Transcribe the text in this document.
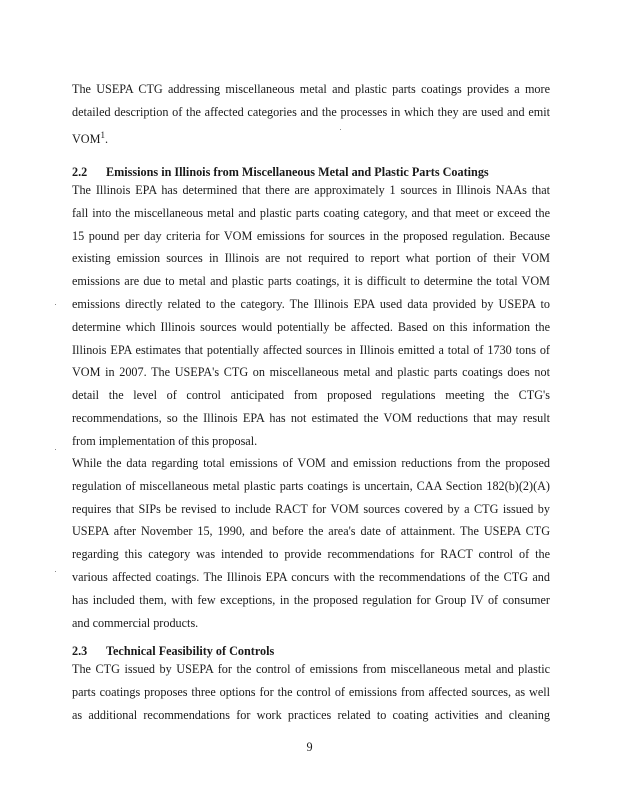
The USEPA CTG addressing miscellaneous metal and plastic parts coatings provides a more
detailed description of the affected categories and the processes in which they are used and emit
VOM$^1$.
2.2 Emissions in Illinois from Miscellaneous Metal and Plastic Parts Coatings
The Illinois EPA has determined that there are approximately 1 sources in Illinois NAAs that
fall into the miscellaneous metal and plastic parts coating category, and that meet or exceed the
15 pound per day criteria for VOM emissions for sources in the proposed regulation. Because
existing emission sources in Illinois are not required to report what portion of their VOM
emissions are due to metal and plastic parts coatings, it is difficult to determine the total VOM
emissions directly related to the category. The Illinois EPA used data provided by USEPA to
determine which Illinois sources would potentially be affected. Based on this information the
Illinois EPA estimates that potentially affected sources in Illinois emitted a total of 1730 tons of
VOM in 2007. The USEPA's CTG on miscellaneous metal and plastic parts coatings does not
detail the level of control anticipated from proposed regulations meeting the CTG's
recommendations, so the Illinois EPA has not estimated the VOM reductions that may result
from implementation of this proposal.
While the data regarding total emissions of VOM and emission reductions from the proposed
regulation of miscellaneous metal plastic parts coatings is uncertain, CAA Section 182(b)(2)(A)
requires that SIPs be revised to include RACT for VOM sources covered by a CTG issued by
USEPA after November 15, 1990, and before the area's date of attainment. The USEPA CTG
regarding this category was intended to provide recommendations for RACT control of the
various affected coatings. The Illinois EPA concurs with the recommendations of the CTG and
has included them, with few exceptions, in the proposed regulation for Group IV of consumer
and commercial products.
2.3 Technical Feasibility of Controls
The CTG issued by USEPA for the control of emissions from miscellaneous metal and plastic
parts coatings proposes three options for the control of emissions from affected sources, as well
as additional recommendations for work practices related to coating activities and cleaning
9
